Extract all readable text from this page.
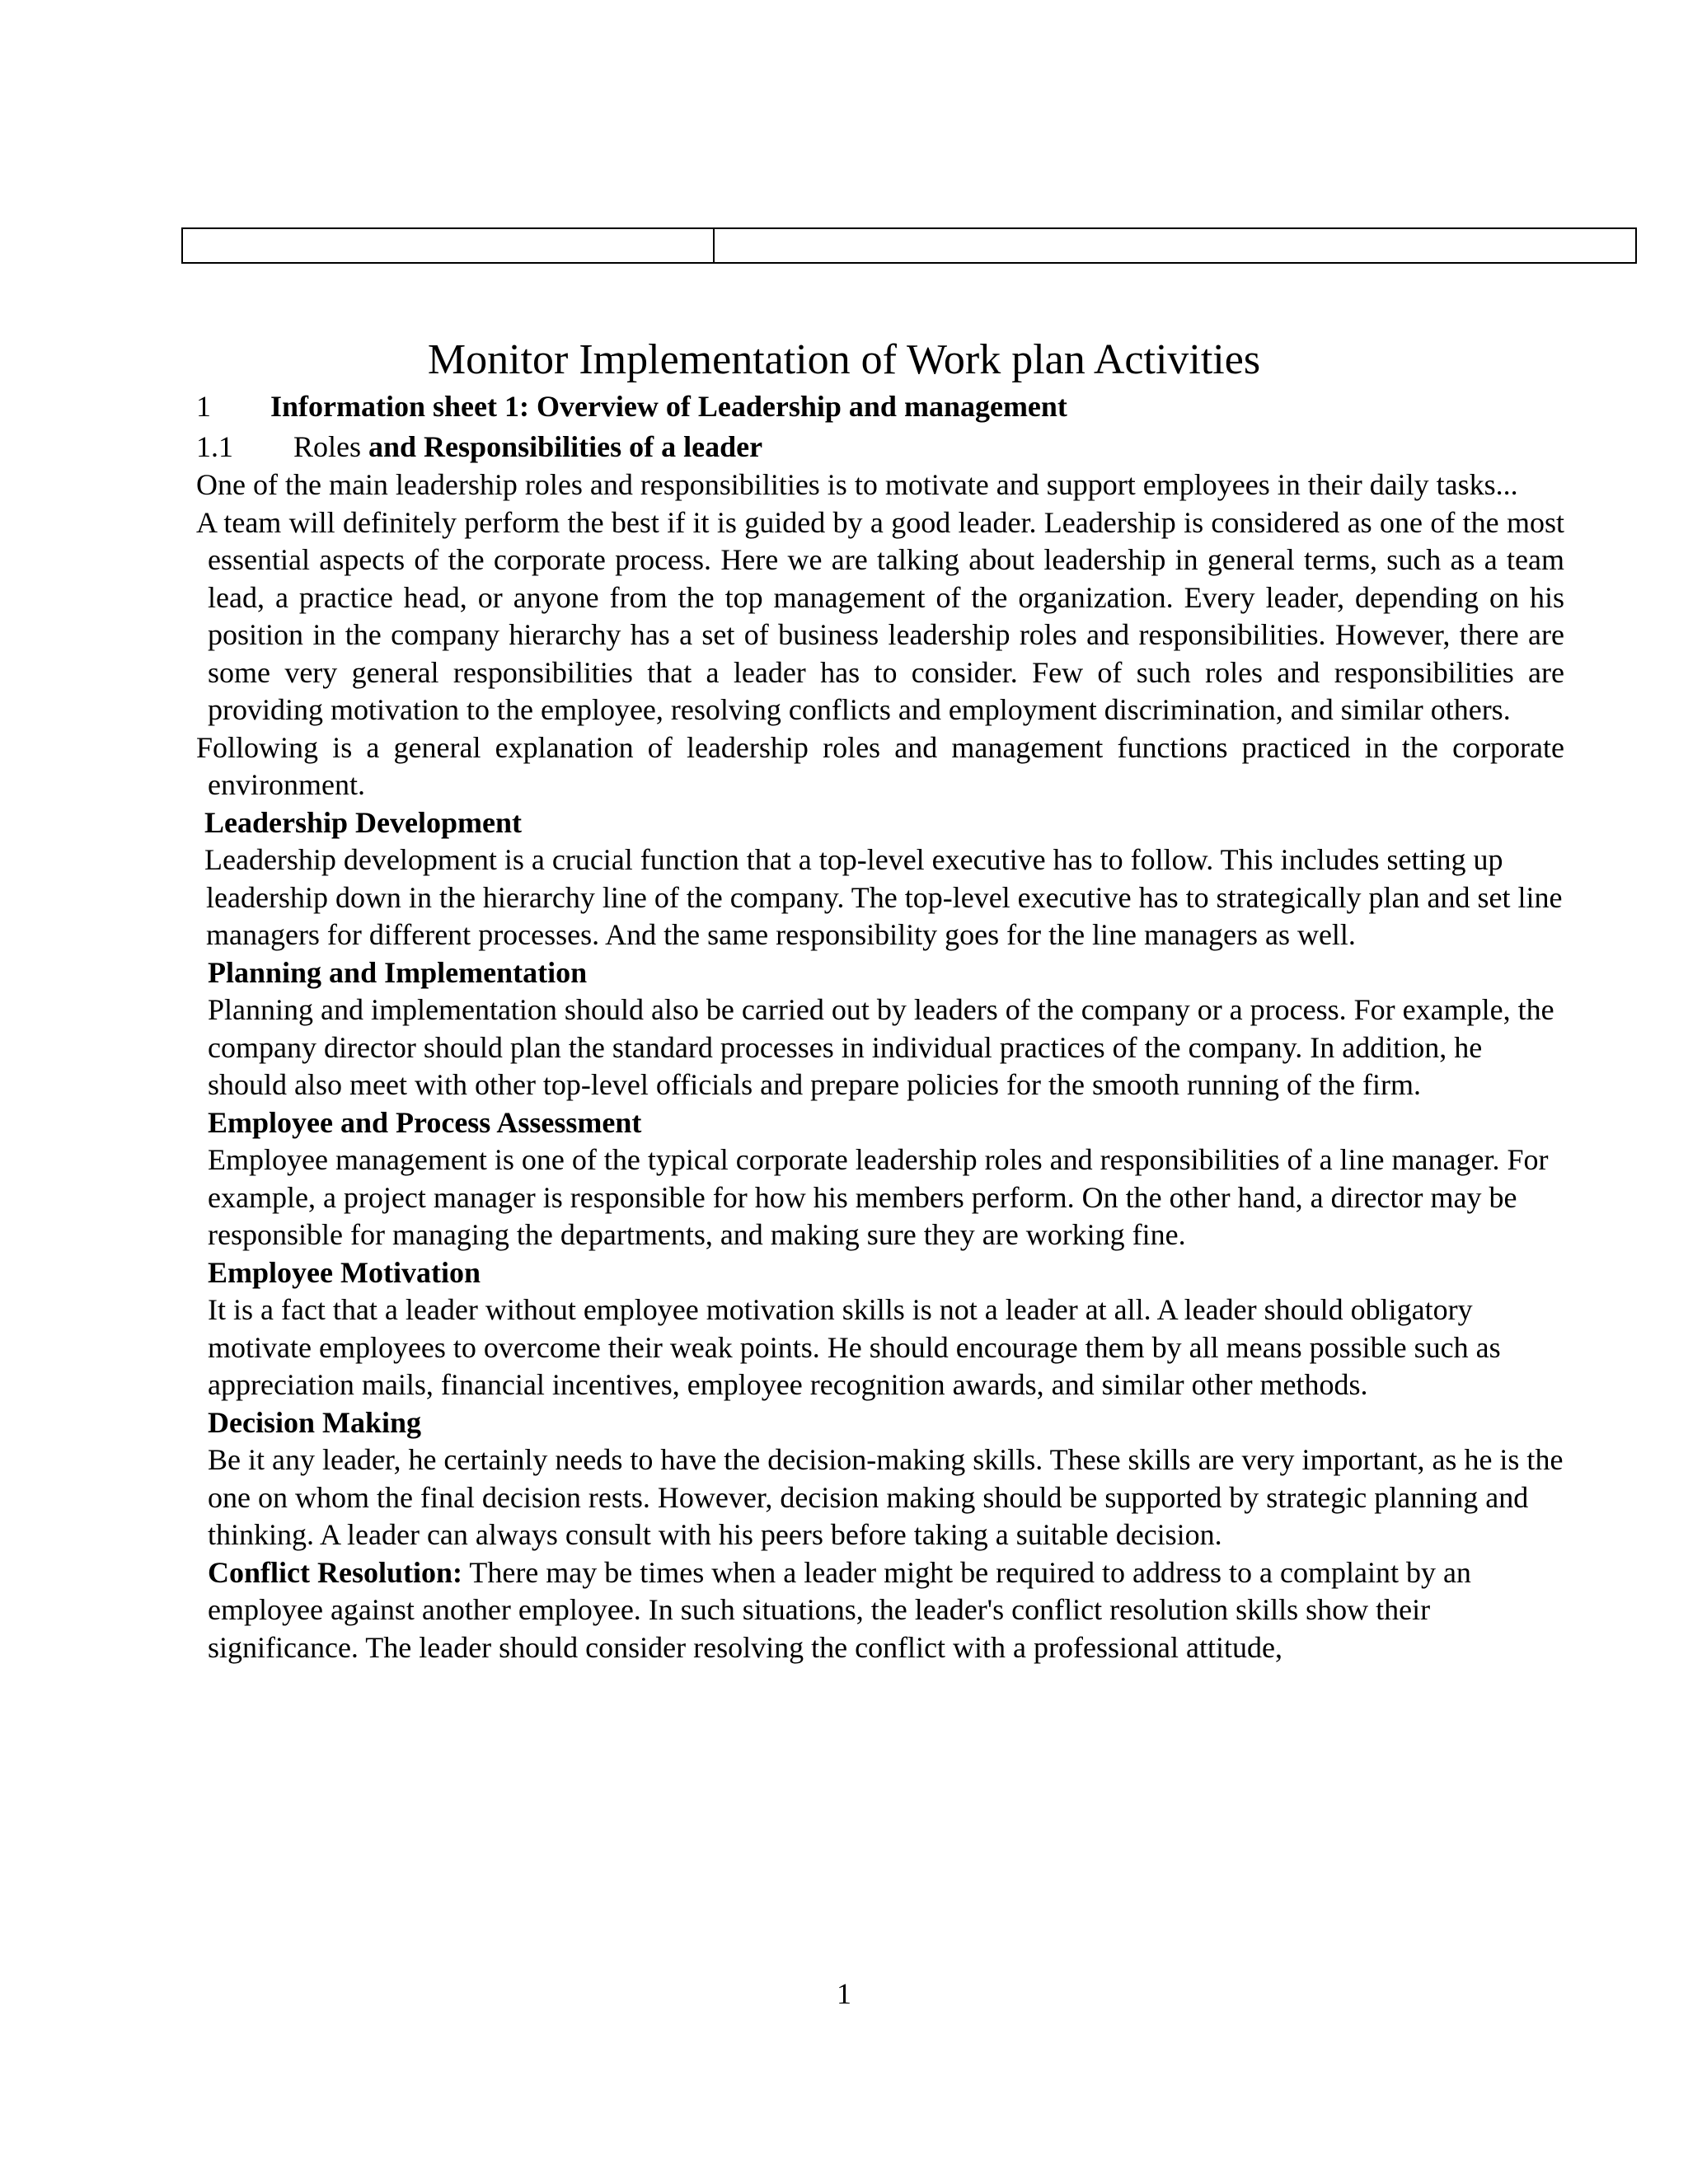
Monitor Implementation of Work plan Activities
1 Information sheet 1: Overview of Leadership and management
1.1 Roles and Responsibilities of a leader

One of the main leadership roles and responsibilities is to motivate and support employees in their daily tasks...

A team will definitely perform the best if it is guided by a good leader. Leadership is considered as one of the most essential aspects of the corporate process. Here we are talking about leadership in general terms, such as a team lead, a practice head, or anyone from the top management of the organization. Every leader, depending on his position in the company hierarchy has a set of business leadership roles and responsibilities. However, there are some very general responsibilities that a leader has to consider. Few of such roles and responsibilities are providing motivation to the employee, resolving conflicts and employment discrimination, and similar others.

Following is a general explanation of leadership roles and management functions practiced in the corporate environment.

Leadership Development

Leadership development is a crucial function that a top-level executive has to follow. This includes setting up leadership down in the hierarchy line of the company. The top-level executive has to strategically plan and set line managers for different processes. And the same responsibility goes for the line managers as well.

Planning and Implementation

Planning and implementation should also be carried out by leaders of the company or a process. For example, the company director should plan the standard processes in individual practices of the company. In addition, he should also meet with other top-level officials and prepare policies for the smooth running of the firm.

Employee and Process Assessment

Employee management is one of the typical corporate leadership roles and responsibilities of a line manager. For example, a project manager is responsible for how his members perform. On the other hand, a director may be responsible for managing the departments, and making sure they are working fine.

Employee Motivation

It is a fact that a leader without employee motivation skills is not a leader at all. A leader should obligatory motivate employees to overcome their weak points. He should encourage them by all means possible such as appreciation mails, financial incentives, employee recognition awards, and similar other methods.

Decision Making

Be it any leader, he certainly needs to have the decision-making skills. These skills are very important, as he is the one on whom the final decision rests. However, decision making should be supported by strategic planning and thinking. A leader can always consult with his peers before taking a suitable decision.

Conflict Resolution: There may be times when a leader might be required to address to a complaint by an employee against another employee. In such situations, the leader's conflict resolution skills show their significance. The leader should consider resolving the conflict with a professional attitude,

1
